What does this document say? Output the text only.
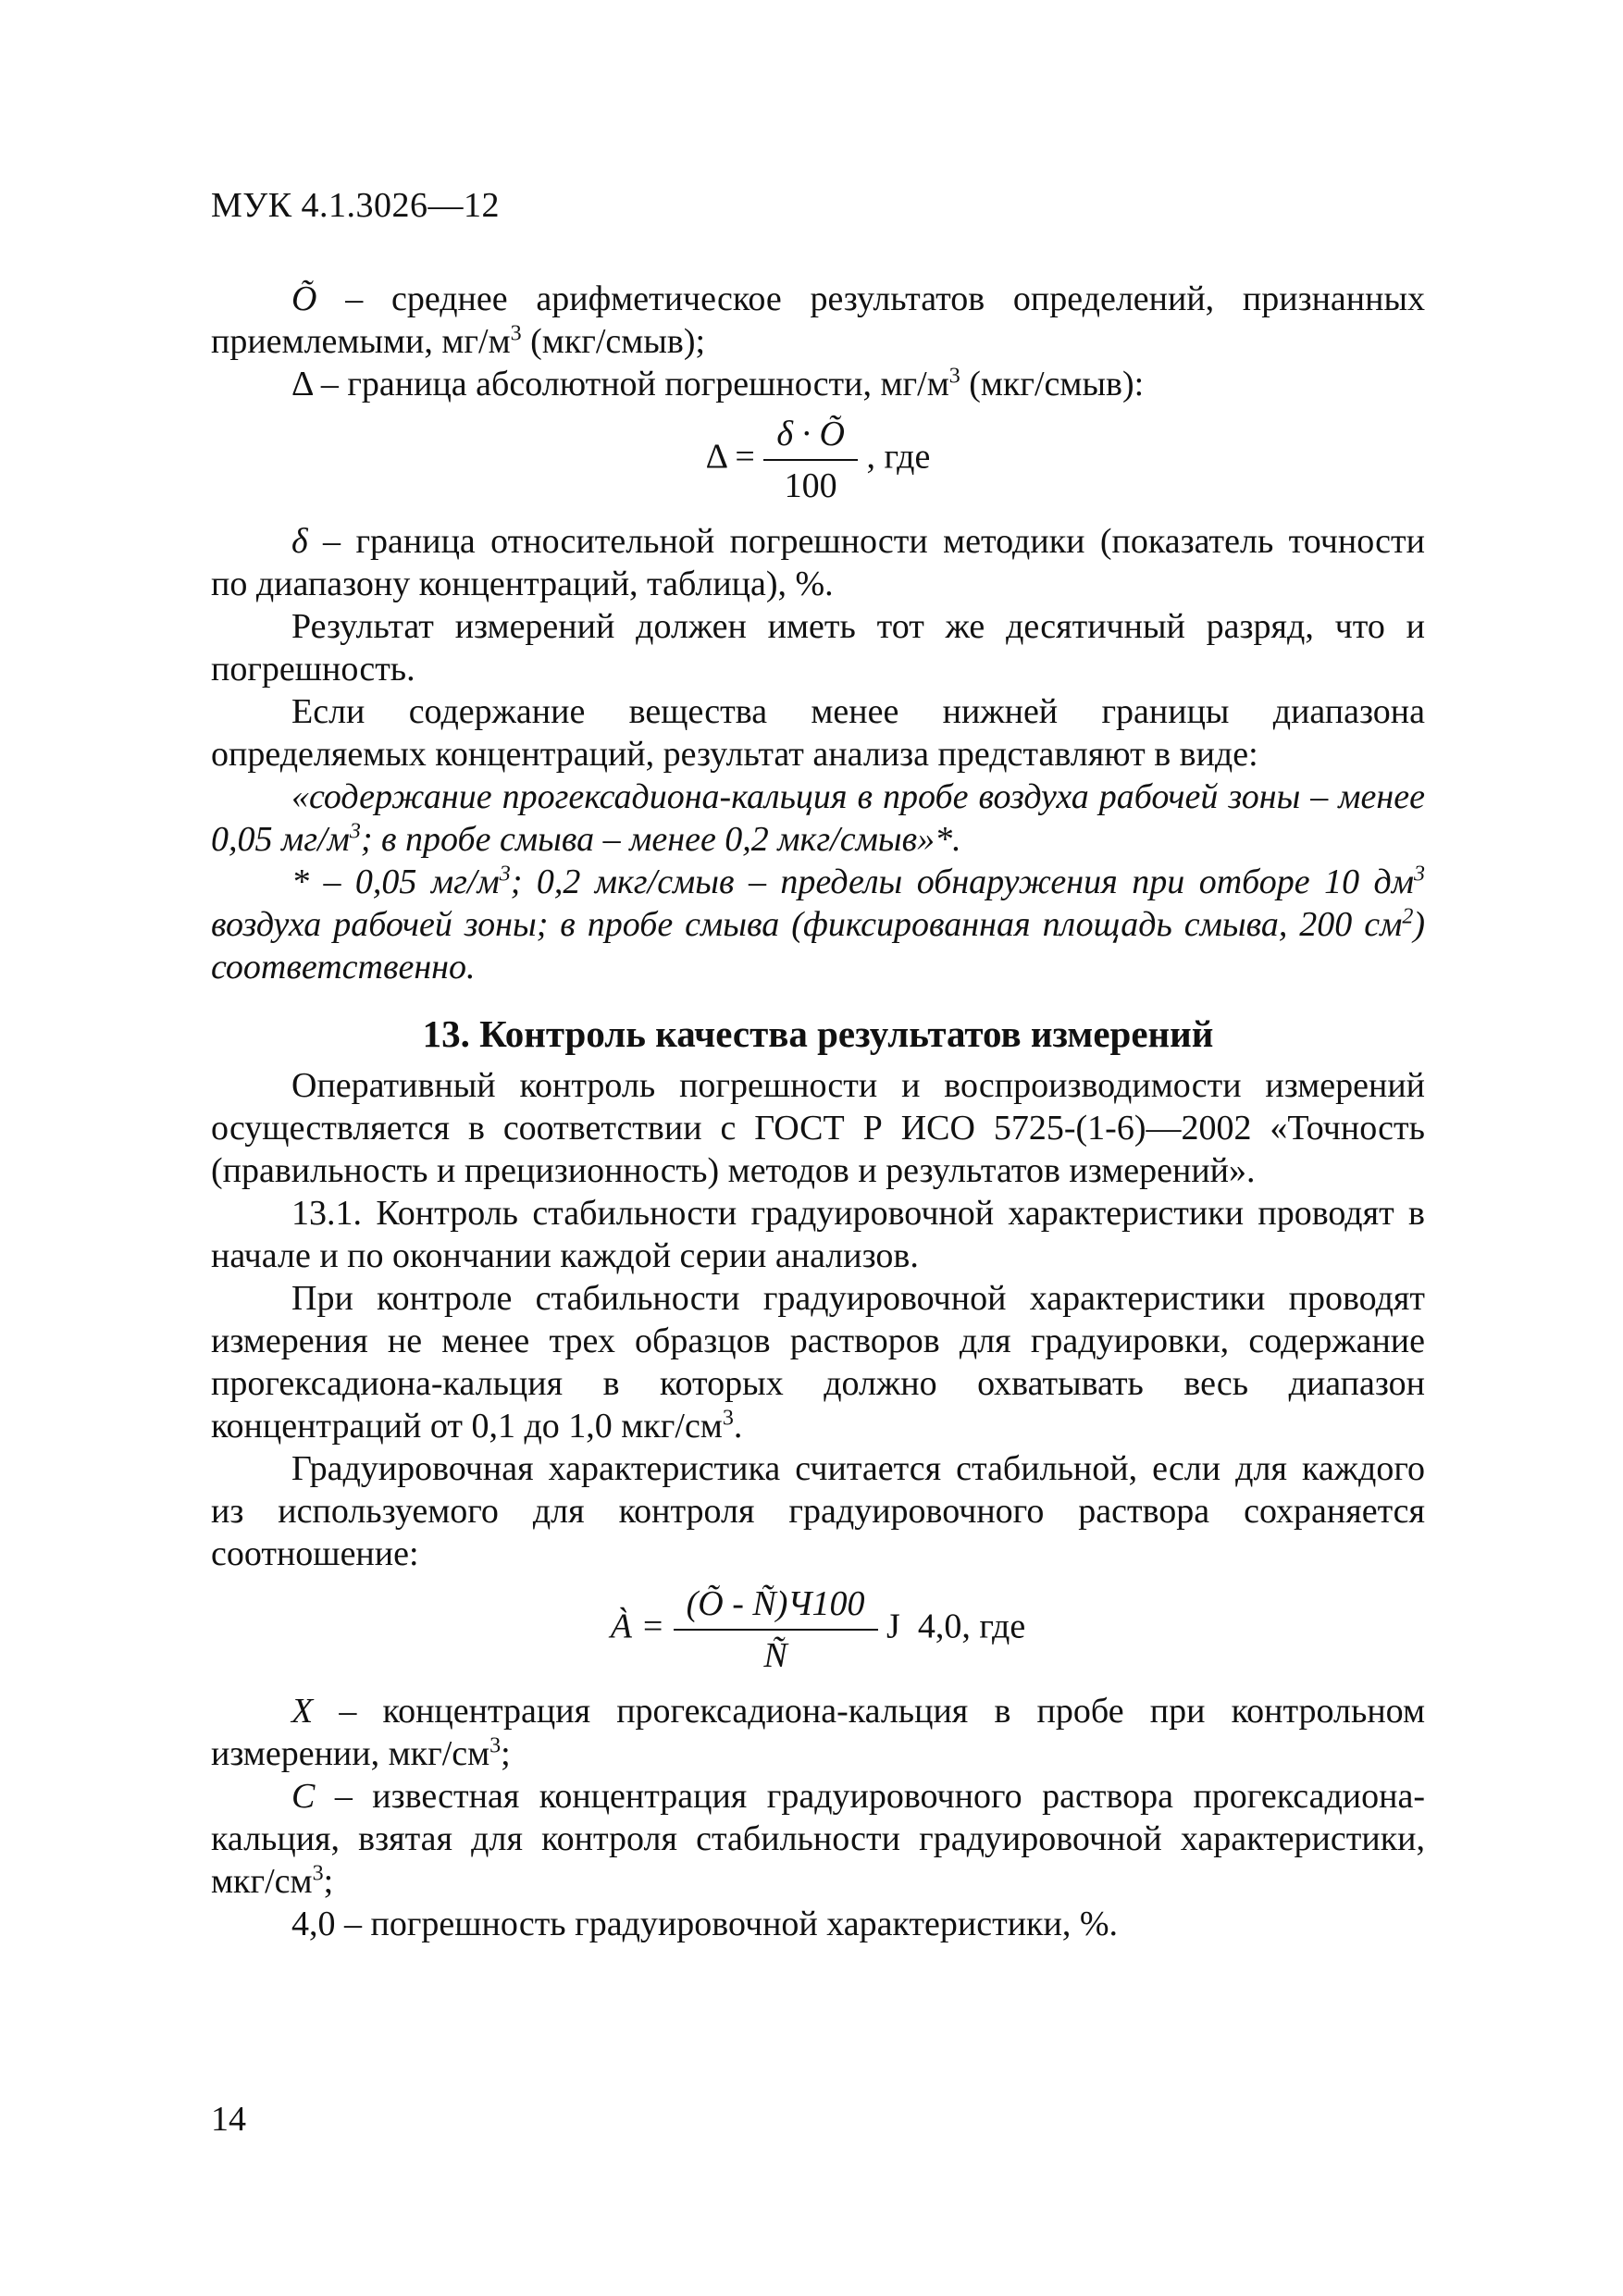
МУК 4.1.3026—12

Õ – среднее арифметическое результатов определений, признанных приемлемыми, $мг/м^3$ (мкг/смыв);

Δ – граница абсолютной погрешности, $мг/м^3$ (мкг/смыв):

$\Delta = \frac{\delta \cdot Õ}{100}$ , где

δ – граница относительной погрешности методики (показатель точности по диапазону концентраций, таблица), %.

Результат измерений должен иметь тот же десятичный разряд, что и погрешность.

Если содержание вещества менее нижней границы диапазона определяемых концентраций, результат анализа представляют в виде:

«содержание прогексадиона-кальция в пробе воздуха рабочей зоны – менее 0,05 $мг/м^3$; в пробе смыва – менее 0,2 мкг/смыв»*.

* – 0,05 $мг/м^3$; 0,2 мкг/смыв – пределы обнаружения при отборе 10 $дм^3$ воздуха рабочей зоны; в пробе смыва (фиксированная площадь смыва, 200 $см^2$) соответственно.

13. Контроль качества результатов измерений

Оперативный контроль погрешности и воспроизводимости измерений осуществляется в соответствии с ГОСТ Р ИСО 5725-(1-6)—2002 «Точность (правильность и прецизионность) методов и результатов измерений».

13.1. Контроль стабильности градуировочной характеристики проводят в начале и по окончании каждой серии анализов.

При контроле стабильности градуировочной характеристики проводят измерения не менее трех образцов растворов для градуировки, содержание прогексадиона-кальция в которых должно охватывать весь диапазон концентраций от 0,1 до 1,0 мкг/$см^3$.

Градуировочная характеристика считается стабильной, если для каждого из используемого для контроля градуировочного раствора сохраняется соотношение:

À = $\frac{(Õ - Ñ)Ч100}{Ñ}$ J 4,0, где

X – концентрация прогексадиона-кальция в пробе при контрольном измерении, мкг/$см^3$;

C – известная концентрация градуировочного раствора прогексадиона-кальция, взятая для контроля стабильности градуировочной характеристики, мкг/$см^3$;

4,0 – погрешность градуировочной характеристики, %.

14
